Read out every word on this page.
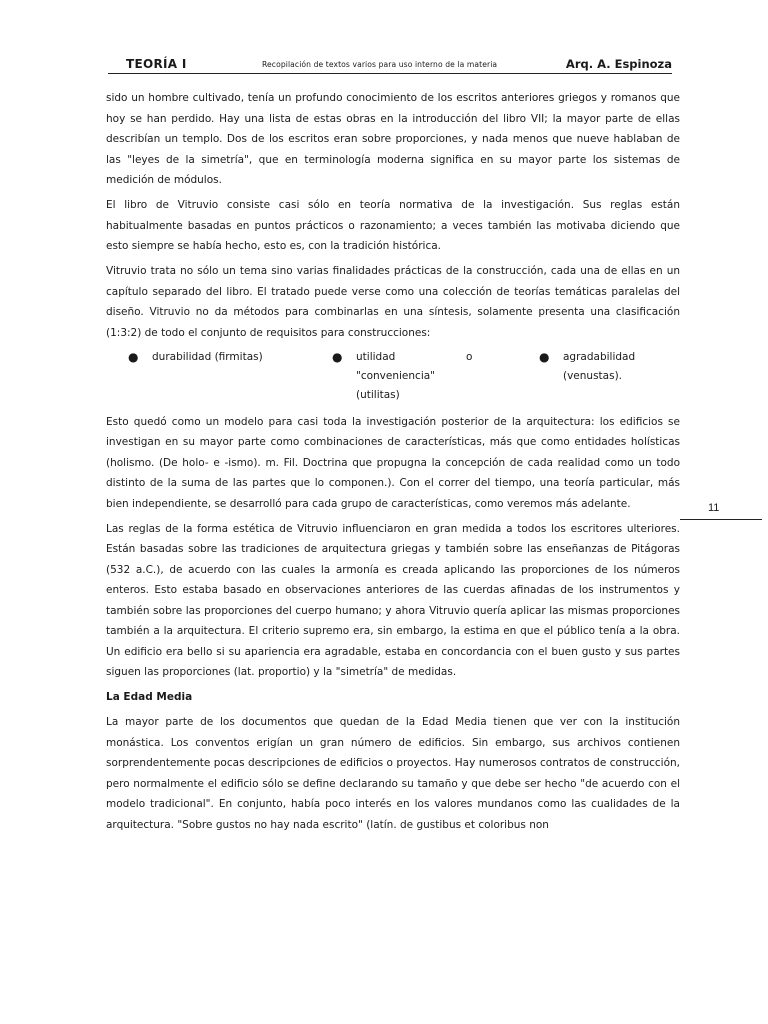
TEORÍA I	Recopilación de textos varios para uso interno de la materia	Arq. A. Espinoza

sido un hombre cultivado, tenía un profundo conocimiento de los escritos anteriores griegos y romanos que hoy se han perdido. Hay una lista de estas obras en la introducción del libro VII; la mayor parte de ellas describían un templo. Dos de los escritos eran sobre proporciones, y nada menos que nueve hablaban de las "leyes de la simetría", que en terminología moderna significa en su mayor parte los sistemas de medición de módulos.

El libro de Vitruvio consiste casi sólo en teoría normativa de la investigación. Sus reglas están habitualmente basadas en puntos prácticos o razonamiento; a veces también las motivaba diciendo que esto siempre se había hecho, esto es, con la tradición histórica.

Vitruvio trata no sólo un tema sino varias finalidades prácticas de la construcción, cada una de ellas en un capítulo separado del libro. El tratado puede verse como una colección de teorías temáticas paralelas del diseño. Vitruvio no da métodos para combinarlas en una síntesis, solamente presenta una clasificación (1:3:2) de todo el conjunto de requisitos para construcciones:

● durabilidad (firmitas)	● utilidad "conveniencia" (utilitas)
o	● agradabilidad (venustas).

Esto quedó como un modelo para casi toda la investigación posterior de la arquitectura: los edificios se investigan en su mayor parte como combinaciones de características, más que como entidades holísticas (holismo. (De holo- e -ismo). m. Fil. Doctrina que propugna la concepción de cada realidad como un todo distinto de la suma de las partes que lo componen.). Con el correr del tiempo, una teoría particular, más bien independiente, se desarrolló para cada grupo de características, como veremos más adelante.

Las reglas de la forma estética de Vitruvio influenciaron en gran medida a todos los escritores ulteriores. Están basadas sobre las tradiciones de arquitectura griegas y también sobre las enseñanzas de Pitágoras (532 a.C.), de acuerdo con las cuales la armonía es creada aplicando las proporciones de los números enteros. Esto estaba basado en observaciones anteriores de las cuerdas afinadas de los instrumentos y también sobre las proporciones del cuerpo humano; y ahora Vitruvio quería aplicar las mismas proporciones también a la arquitectura. El criterio supremo era, sin embargo, la estima en que el público tenía a la obra. Un edificio era bello si su apariencia era agradable, estaba en concordancia con el buen gusto y sus partes siguen las proporciones (lat. proportio) y la "simetría" de medidas.

La Edad Media

La mayor parte de los documentos que quedan de la Edad Media tienen que ver con la institución monástica. Los conventos erigían un gran número de edificios. Sin embargo, sus archivos contienen sorprendentemente pocas descripciones de edificios o proyectos. Hay numerosos contratos de construcción, pero normalmente el edificio sólo se define declarando su tamaño y que debe ser hecho "de acuerdo con el modelo tradicional". En conjunto, había poco interés en los valores mundanos como las cualidades de la arquitectura. "Sobre gustos no hay nada escrito" (latín. de gustibus et coloribus non

11
